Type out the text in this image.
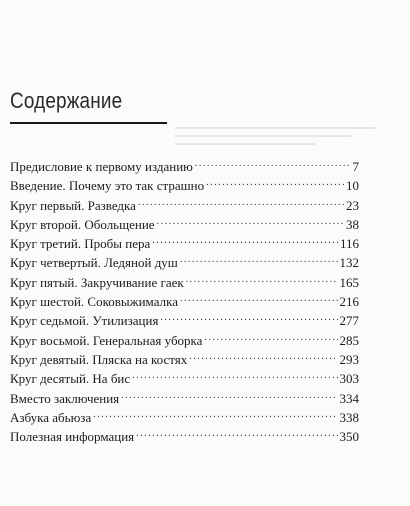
Содержание
Предисловие к первому изданию . . .	7
Введение. Почему это так страшно . . .	10
Круг первый. Разведка . . .	23
Круг второй. Обольщение . . .	38
Круг третий. Пробы пера . . .	116
Круг четвертый. Ледяной душ . . .	132
Круг пятый. Закручивание гаек . . .	165
Круг шестой. Соковыжималка . . .	216
Круг седьмой. Утилизация . . .	277
Круг восьмой. Генеральная уборка . . .	285
Круг девятый. Пляска на костях . . .	293
Круг десятый. На бис . . .	303
Вместо заключения . . .	334
Азбука абьюза . . .	338
Полезная информация . . .	350
